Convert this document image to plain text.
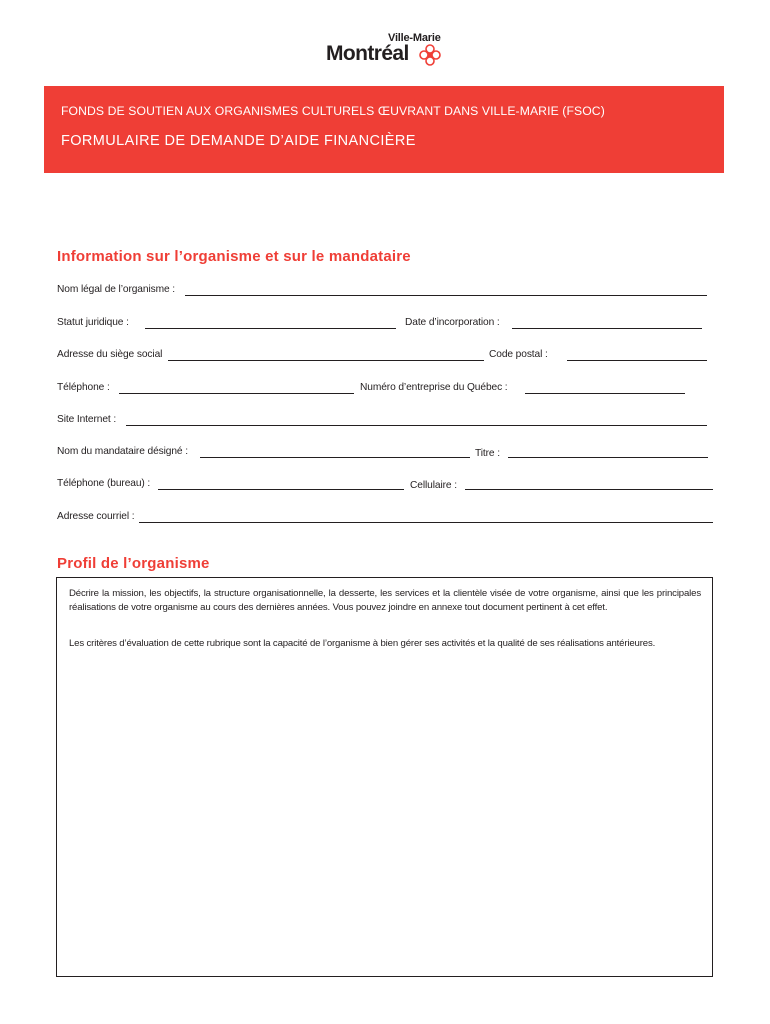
Ville-Marie
Montréal
FONDS DE SOUTIEN AUX ORGANISMES CULTURELS ŒUVRANT DANS VILLE-MARIE (FSOC)
FORMULAIRE DE DEMANDE D’AIDE FINANCIÈRE
Information sur l’organisme et sur le mandataire
Nom légal de l’organisme :
Statut juridique :	Date d’incorporation :
Adresse du siège social	Code postal :
Téléphone :	Numéro d’entreprise du Québec :
Site Internet :
Nom du mandataire désigné :	Titre :
Téléphone (bureau) :	Cellulaire :
Adresse courriel :
Profil de l’organisme
Décrire la mission, les objectifs, la structure organisationnelle, la desserte, les services et la clientèle visée de votre organisme, ainsi que les principales réalisations de votre organisme au cours des dernières années. Vous pouvez joindre en annexe tout document pertinent à cet effet.
Les critères d’évaluation de cette rubrique sont la capacité de l’organisme à bien gérer ses activités et la qualité de ses réalisations antérieures.
